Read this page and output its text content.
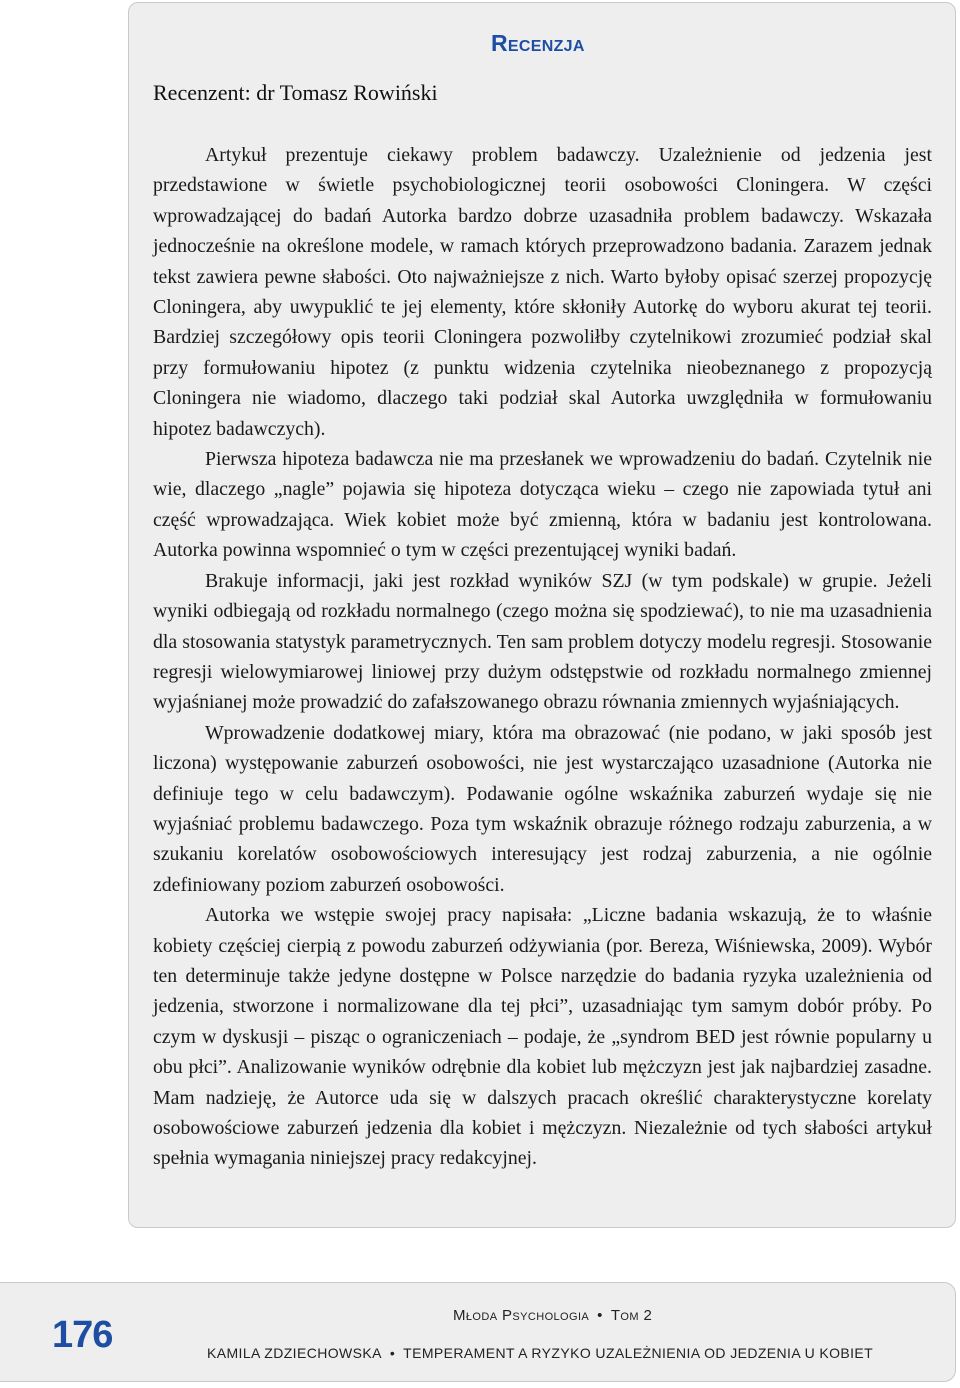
Recenzja

Recenzent: dr Tomasz Rowiński

Artykuł prezentuje ciekawy problem badawczy. Uzależnienie od jedzenia jest przedstawione w świetle psychobiologicznej teorii osobowości Cloningera. W części wprowadzającej do badań Autorka bardzo dobrze uzasadniła problem badawczy. Wskazała jednocześnie na określone modele, w ramach których przeprowadzono badania. Zarazem jednak tekst zawiera pewne słabości. Oto najważniejsze z nich. Warto byłoby opisać szerzej propozycję Cloningera, aby uwypuklić te jej elementy, które skłoniły Autorkę do wyboru akurat tej teorii. Bardziej szczegółowy opis teorii Cloningera pozwoliłby czytelnikowi zrozumieć podział skal przy formułowaniu hipotez (z punktu widzenia czytelnika nieobeznanego z propozycją Cloningera nie wiadomo, dlaczego taki podział skal Autorka uwzględniła w formułowaniu hipotez badawczych).

Pierwsza hipoteza badawcza nie ma przesłanek we wprowadzeniu do badań. Czytelnik nie wie, dlaczego „nagle” pojawia się hipoteza dotycząca wieku – czego nie zapowiada tytuł ani część wprowadzająca. Wiek kobiet może być zmienną, która w badaniu jest kontrolowana. Autorka powinna wspomnieć o tym w części prezentującej wyniki badań.

Brakuje informacji, jaki jest rozkład wyników SZJ (w tym podskale) w grupie. Jeżeli wyniki odbiegają od rozkładu normalnego (czego można się spodziewać), to nie ma uzasadnienia dla stosowania statystyk parametrycznych. Ten sam problem dotyczy modelu regresji. Stosowanie regresji wielowymiarowej liniowej przy dużym odstępstwie od rozkładu normalnego zmiennej wyjaśnianej może prowadzić do zafałszowanego obrazu równania zmiennych wyjaśniających.

Wprowadzenie dodatkowej miary, która ma obrazować (nie podano, w jaki sposób jest liczona) występowanie zaburzeń osobowości, nie jest wystarczająco uzasadnione (Autorka nie definiuje tego w celu badawczym). Podawanie ogólne wskaźnika zaburzeń wydaje się nie wyjaśniać problemu badawczego. Poza tym wskaźnik obrazuje różnego rodzaju zaburzenia, a w szukaniu korelatów osobowościowych interesujący jest rodzaj zaburzenia, a nie ogólnie zdefiniowany poziom zaburzeń osobowości.

Autorka we wstępie swojej pracy napisała: „Liczne badania wskazują, że to właśnie kobiety częściej cierpią z powodu zaburzeń odżywiania (por. Bereza, Wiśniewska, 2009). Wybór ten determinuje także jedyne dostępne w Polsce narzędzie do badania ryzyka uzależnienia od jedzenia, stworzone i normalizowane dla tej płci”, uzasadniając tym samym dobór próby. Po czym w dyskusji – pisząc o ograniczeniach – podaje, że „syndrom BED jest równie popularny u obu płci”. Analizowanie wyników odrębnie dla kobiet lub mężczyzn jest jak najbardziej zasadne. Mam nadzieję, że Autorce uda się w dalszych pracach określić charakterystyczne korelaty osobowościowe zaburzeń jedzenia dla kobiet i mężczyzn. Niezależnie od tych słabości artykuł spełnia wymagania niniejszej pracy redakcyjnej.

176	Młoda Psychologia • Tom 2
KAMILA ZDZIECHOWSKA • TEMPERAMENT A RYZYKO UZALEŻNIENIA OD JEDZENIA U KOBIET
